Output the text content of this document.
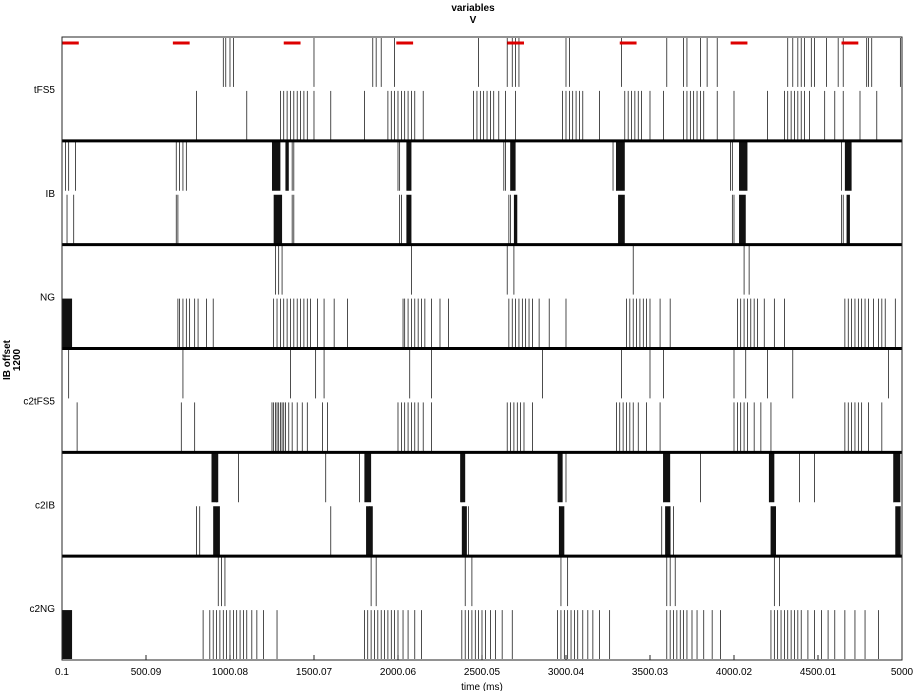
variables
V
tFS5
IB
NG
c2tFS5
c2IB
c2NG
0.1	500.09	1000.08	1500.07	2000.06	2500.05	3000.04	3500.03	4000.02	4500.01	5000
time (ms)
IB offset 1200
